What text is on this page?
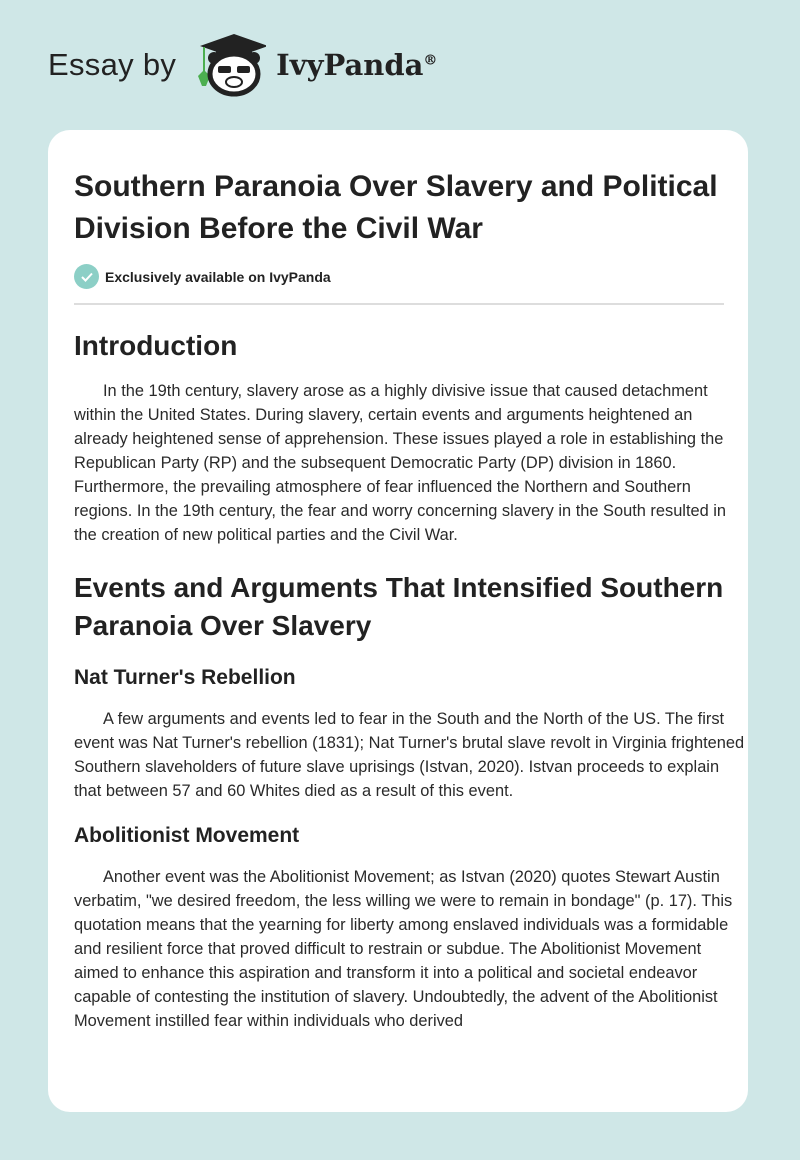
Essay by	IvyPanda®
Southern Paranoia Over Slavery and Political Division Before the Civil War
Exclusively available on IvyPanda
Introduction

In the 19th century, slavery arose as a highly divisive issue that caused detachment within the United States. During slavery, certain events and arguments heightened an already heightened sense of apprehension. These issues played a role in establishing the Republican Party (RP) and the subsequent Democratic Party (DP) division in 1860. Furthermore, the prevailing atmosphere of fear influenced the Northern and Southern regions. In the 19th century, the fear and worry concerning slavery in the South resulted in the creation of new political parties and the Civil War.

Events and Arguments That Intensified Southern Paranoia Over Slavery
Nat Turner's Rebellion

A few arguments and events led to fear in the South and the North of the US. The first event was Nat Turner's rebellion (1831); Nat Turner's brutal slave revolt in Virginia frightened Southern slaveholders of future slave uprisings (Istvan, 2020). Istvan proceeds to explain that between 57 and 60 Whites died as a result of this event.

Abolitionist Movement

Another event was the Abolitionist Movement; as Istvan (2020) quotes Stewart Austin verbatim, "we desired freedom, the less willing we were to remain in bondage" (p. 17). This quotation means that the yearning for liberty among enslaved individuals was a formidable and resilient force that proved difficult to restrain or subdue. The Abolitionist Movement aimed to enhance this aspiration and transform it into a political and societal endeavor capable of contesting the institution of slavery. Undoubtedly, the advent of the Abolitionist Movement instilled fear within individuals who derived
